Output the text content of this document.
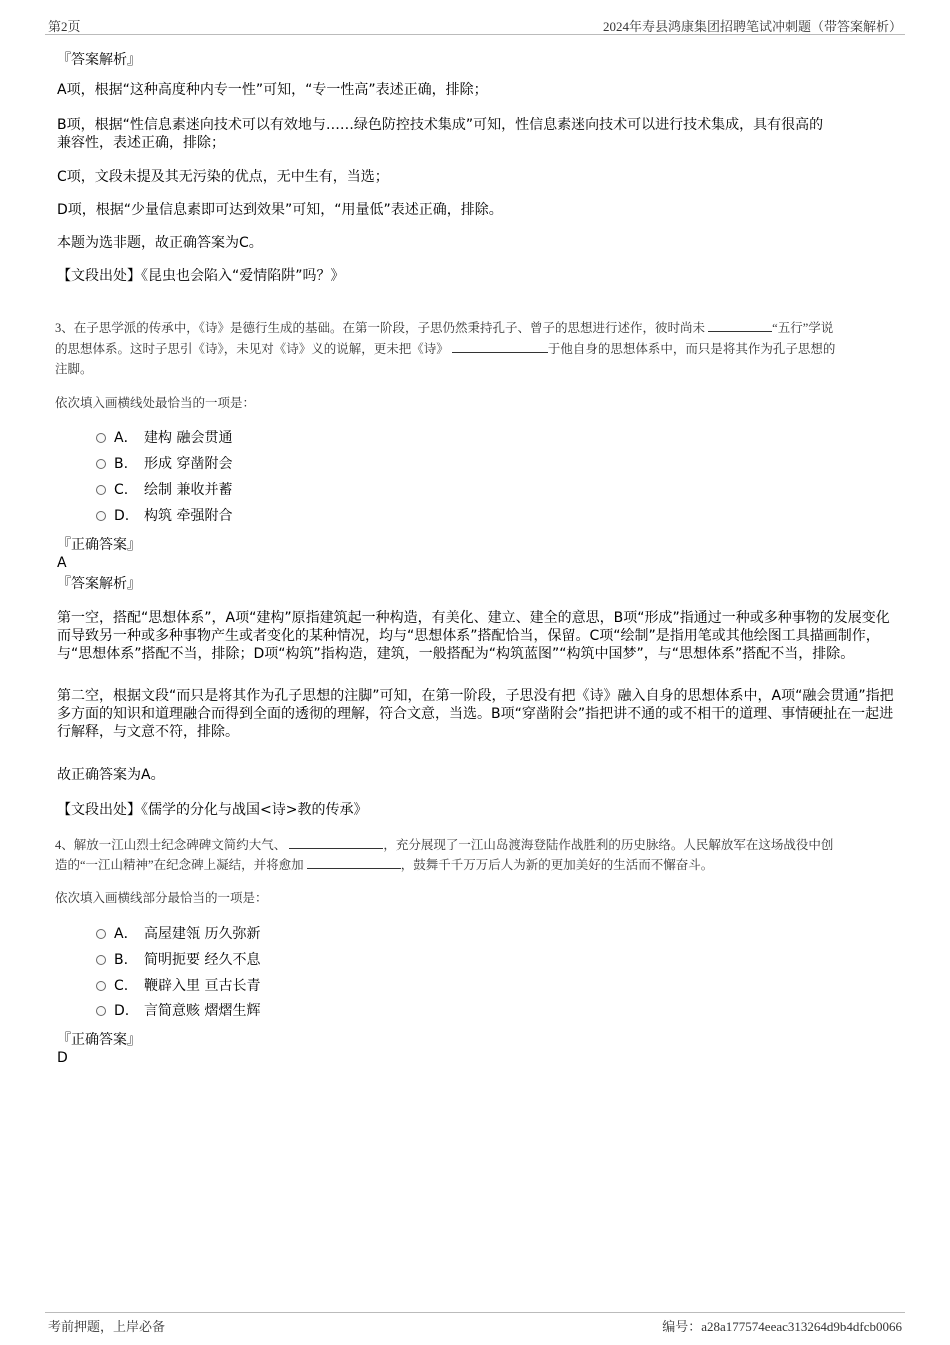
第2页	2024年寿县鸿康集团招聘笔试冲刺题（带答案解析）
『答案解析』
A项，根据“这种高度种内专一性”可知，“专一性高”表述正确，排除；
B项，根据“性信息素迷向技术可以有效地与……绿色防控技术集成”可知，性信息素迷向技术可以进行技术集成，具有很高的
兼容性，表述正确，排除；
C项，文段未提及其无污染的优点，无中生有，当选；
D项，根据“少量信息素即可达到效果”可知，“用量低”表述正确，排除。
本题为选非题，故正确答案为C。
【文段出处】《昆虫也会陷入“爱情陷阱”吗？》
3、在子思学派的传承中，《诗》是德行生成的基础。在第一阶段，子思仍然秉持孔子、曾子的思想进行述作，彼时尚未	“五行”学说
的思想体系。这时子思引《诗》，未见对《诗》义的说解，更未把《诗》	于他自身的思想体系中，而只是将其作为孔子思想的
注脚。
依次填入画横线处最恰当的一项是：
A． 建构 融会贯通
B. 形成 穿凿附会
C. 绘制 兼收并蓄
D. 构筑 牵强附合
『正确答案』
A
『答案解析』
第一空，搭配“思想体系”，A项“建构”原指建筑起一种构造，有美化、建立、建全的意思，B项“形成”指通过一种或多种事物的发展变化而导致另一种或多种事物产生或者变化的某种情况，均与“思想体系”搭配恰当，保留。C项“绘制”是指用笔或其他绘图工具描画制作，与“思想体系”搭配不当，排除；D项“构筑”指构造，建筑，一般搭配为“构筑蓝图”“构筑中国梦”，与“思想体系”搭配不当，排除。
第二空，根据文段“而只是将其作为孔子思想的注脚”可知，在第一阶段，子思没有把《诗》融入自身的思想体系中，A项“融会贯通”指把多方面的知识和道理融合而得到全面的透彻的理解，符合文意，当选。B项“穿凿附会”指把讲不通的或不相干的道理、事情硬扯在一起进行解释，与文意不符，排除。
故正确答案为A。
【文段出处】《儒学的分化与战国<诗>教的传承》
4、解放一江山烈士纪念碑碑文简约大气、	，充分展现了一江山岛渡海登陆作战胜利的历史脉络。人民解放军在这场战役中创
造的“一江山精神”在纪念碑上凝结，并将愈加	，鼓舞千千万万后人为新的更加美好的生活而不懈奋斗。
依次填入画横线部分最恰当的一项是：
A． 高屋建瓴 历久弥新
B. 简明扼要 经久不息
C. 鞭辟入里 亘古长青
D. 言简意赅 熠熠生辉
『正确答案』
D
考前押题，上岸必备	编号：a28a177574eeac313264d9b4dfcb0066
